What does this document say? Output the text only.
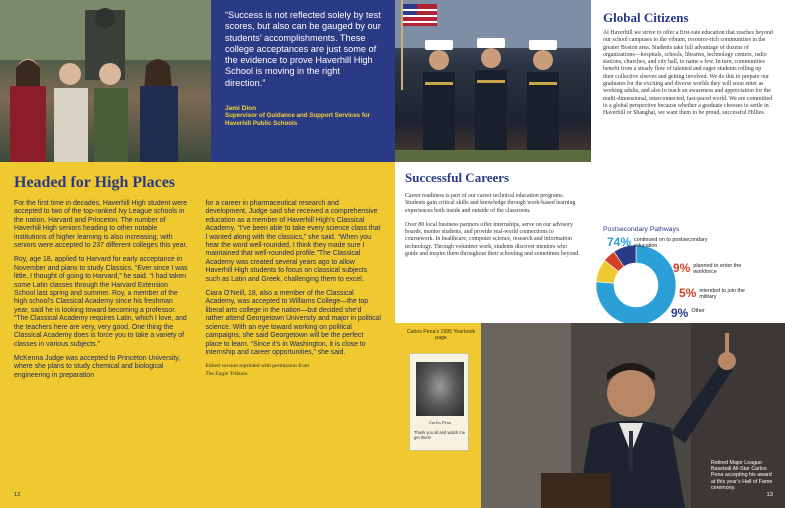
“Success is not reflected solely by test scores, but also can be gauged by our students’ accomplishments. These college acceptances are just some of the evidence to prove Haverhill High School is moving in the right direction.”

Jami Dion

Supervisor of Guidance and Support Services for Haverhill Public Schools

Global Citizens

At Haverhill we strive to offer a first-rate education that reaches beyond our school campuses to the vibrant, resource-rich communities in the greater Boston area. Students take full advantage of dozens of organizations—hospitals, schools, libraries, technology centers, radio stations, churches, and city hall, to name a few. In turn, communities benefit from a steady flow of talented and eager students rolling up their collective sleeves and getting involved. We do this to prepare our graduates for the exciting and diverse worlds they will soon enter as working adults, and also to teach an awareness and appreciation for the multi-dimensional, interconnected, fast-paced world. We are committed to a global perspective because whether a graduate chooses to settle in Haverhill or Shanghai, we want them to be proud, successful Hillies.

Headed for High Places

For the first time in decades, Haverhill High student were accepted to two of the top-ranked Ivy League schools in the nation, Harvard and Princeton. The number of Haverhill High seniors heading to other notable institutions of higher learning is also increasing; with seniors were accepted to 237 different colleges this year.

Roy, age 18, applied to Harvard for early acceptance in November and plans to study Classics. “Ever since I was little, I thought of going to Harvard,” he said. “I had taken some Latin classes through the Harvard Extension School last spring and summer. Roy, a member of the high school’s Classical Academy since his freshman year, said he is looking toward becoming a professor. “The Classical Academy requires Latin, which I love, and the teachers here are very, very good. One thing the Classical Academy does is force you to take a variety of classes in various subjects.”

McKenna Judge was accepted to Princeton University, where she plans to study chemical and biological engineering in preparation

for a career in pharmaceutical research and development, Judge said she received a comprehensive education as a member of Haverhill High’s Classical Academy. “I’ve been able to take every science class that I wanted along with the classics,” she said. “When you hear the word well-rounded, I think they made sure I maintained that well-rounded profile.”The Classical Academy was created several years ago to allow Haverhill High students to focus on classical subjects such as Latin and Greek, challenging them to excel.

Ciara O’Neill, 18, also a member of the Classical Academy, was accepted to Williams College—the top liberal arts college in the nation—but decided she’d rather attend Georgetown University and major in political science. With an eye toward working on political campaigns, she said Georgetown will be the perfect place to learn. “Since it’s in Washington, it is close to internship and career opportunities,” she said.

Edited version reprinted with permission from
The Eagle Tribune.

12
Successful Careers

Career readiness is part of our career technical education programs. Students gain critical skills and knowledge through work-based learning experiences both inside and outside of the classroom.

Over 80 local business partners offer internships, serve on our advisory boards, mentor students, and provide real-world connections to coursework. In healthcare, computer science, research and information technology. Through volunteer work, students discover mentors who guide and inspire them throughout their schooling and sometimes beyond.

Postsecondary Pathways
74% continued on to postsecondary education
9% planned to enter the workforce
5% intended to join the military
9% Other

Carlos Pena’s 1995 Yearbook page

Carlos Pena

Thank you all and watch me get them!

Retired Major League Baseball All-Star Carlos Pena accepting his award at this year’s Hall of Fame ceremony.

13
